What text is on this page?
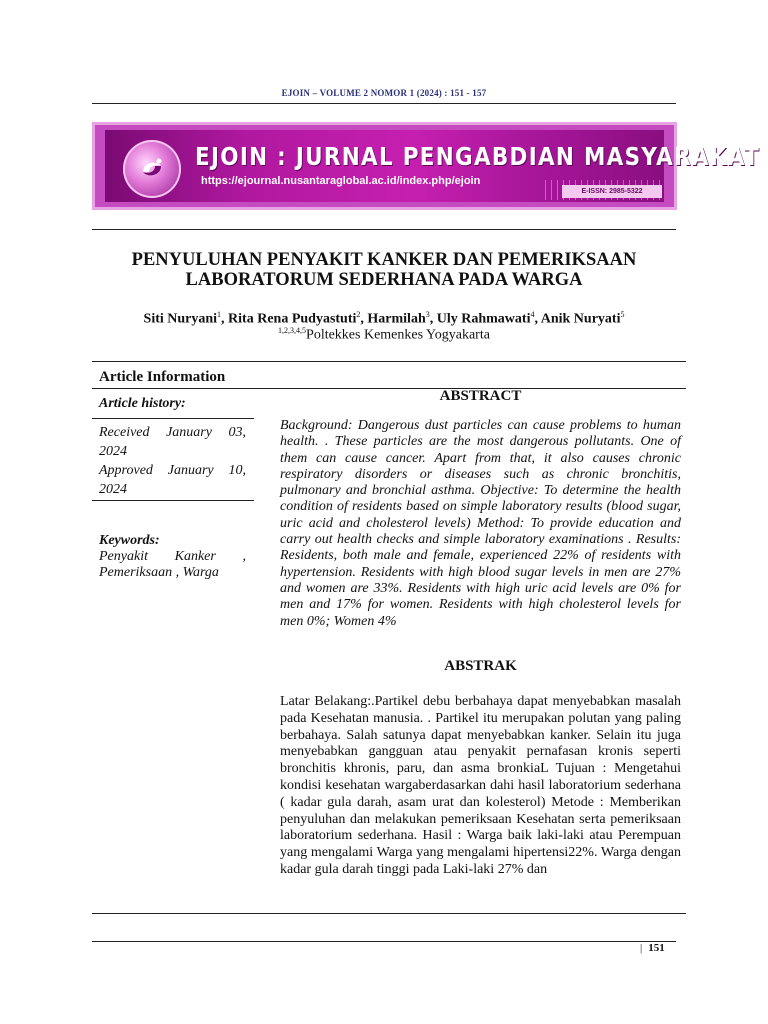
EJOIN – VOLUME 2 NOMOR 1 (2024) : 151 - 157
EJOIN : JURNAL PENGABDIAN MASYARAKAT
https://ejournal.nusantaraglobal.ac.id/index.php/ejoin
E-ISSN: 2985-5322
PENYULUHAN PENYAKIT KANKER DAN PEMERIKSAAN
LABORATORUM SEDERHANA PADA WARGA
Siti Nuryani$^1$, Rita Rena Pudyastuti$^2$, Harmilah$^3$, Uly Rahmawati$^4$, Anik Nuryati$^5$
$^{1,2,3,4,5}$Poltekkes Kemenkes Yogyakarta
Article Information
Article history:
Received January 03,
2024
Approved January 10,
2024
Keywords:
Penyakit Kanker ,
Pemeriksaan , Warga
ABSTRACT
Background: Dangerous dust particles can cause problems to human health. . These particles are the most dangerous pollutants. One of them can cause cancer. Apart from that, it also causes chronic respiratory disorders or diseases such as chronic bronchitis, pulmonary and bronchial asthma. Objective: To determine the health condition of residents based on simple laboratory results (blood sugar, uric acid and cholesterol levels) Method: To provide education and carry out health checks and simple laboratory examinations . Results: Residents, both male and female, experienced 22% of residents with hypertension. Residents with high blood sugar levels in men are 27% and women are 33%. Residents with high uric acid levels are 0% for men and 17% for women. Residents with high cholesterol levels for men 0%; Women 4%
ABSTRAK
Latar Belakang:.Partikel debu berbahaya dapat menyebabkan masalah pada Kesehatan manusia. . Partikel itu merupakan polutan yang paling berbahaya. Salah satunya dapat menyebabkan kanker. Selain itu juga menyebabkan gangguan atau penyakit pernafasan kronis seperti bronchitis khronis, paru, dan asma bronkiaL Tujuan : Mengetahui kondisi kesehatan wargaberdasarkan dahi hasil laboratorium sederhana ( kadar gula darah, asam urat dan kolesterol) Metode : Memberikan penyuluhan dan melakukan pemeriksaan Kesehatan serta pemeriksaan laboratorium sederhana. Hasil : Warga baik laki-laki atau Perempuan yang mengalami Warga yang mengalami hipertensi22%. Warga dengan kadar gula darah tinggi pada Laki-laki 27% dan
| 151
